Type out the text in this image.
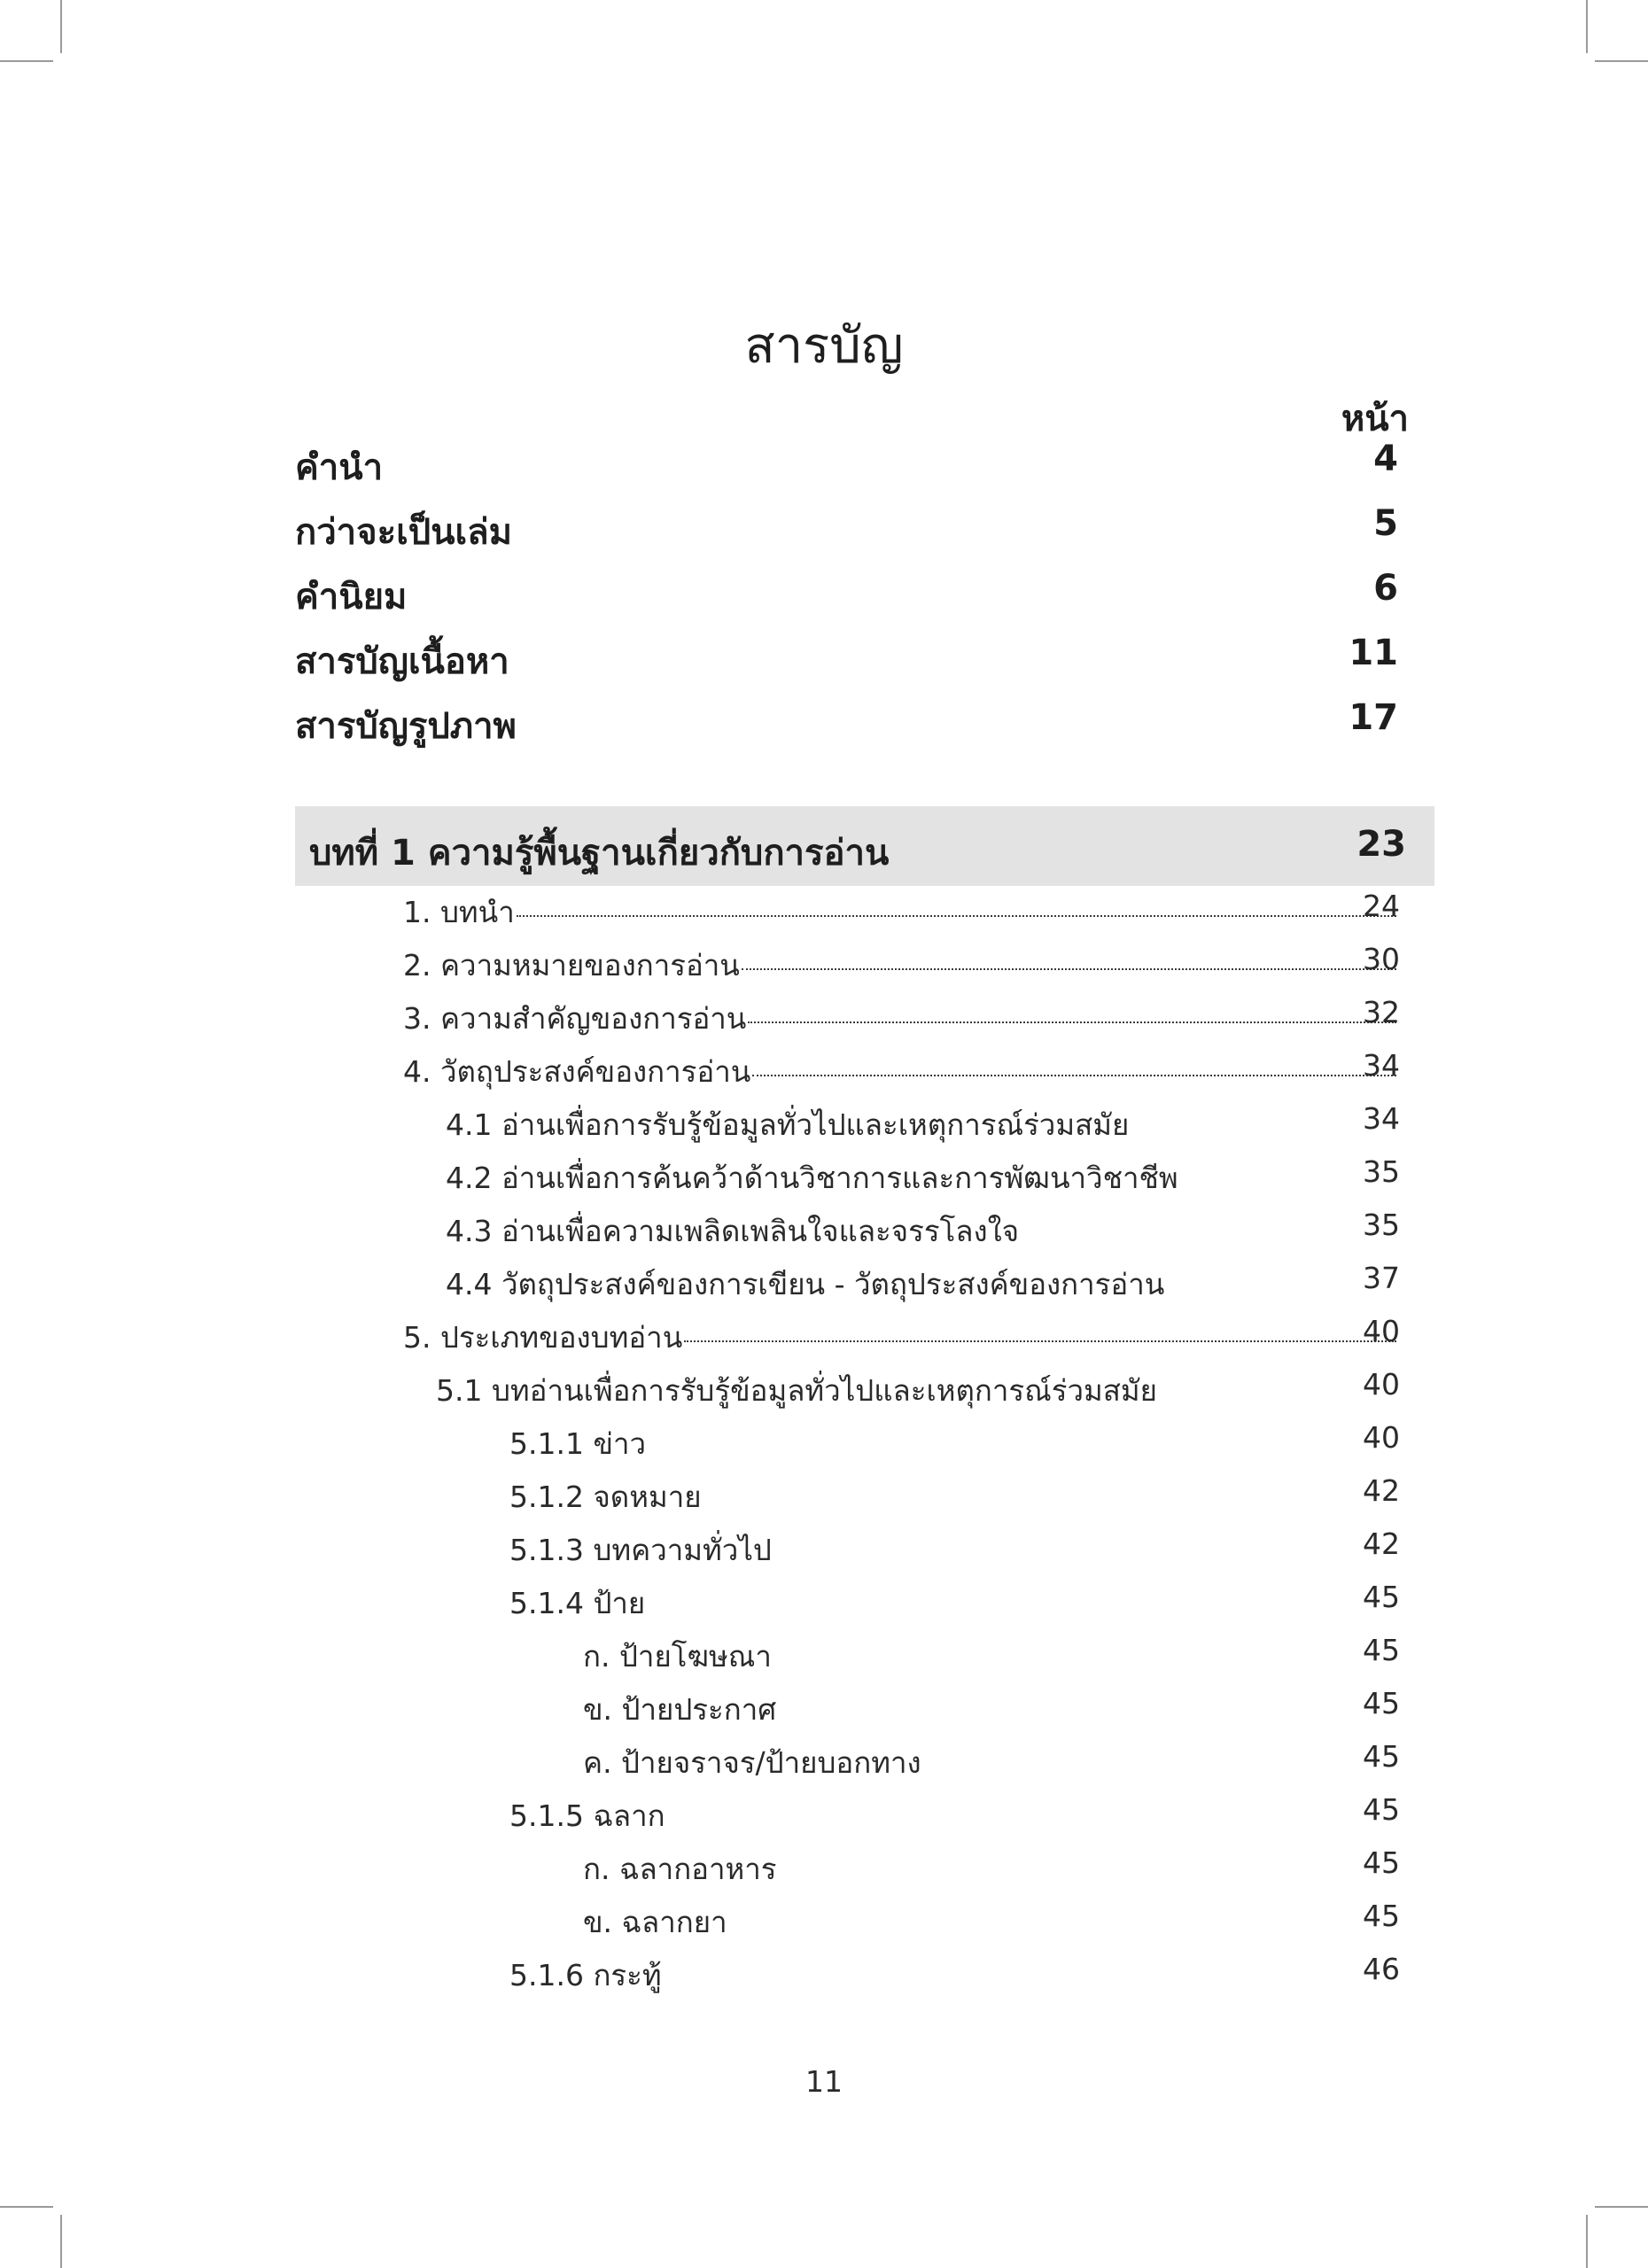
สารบัญ
หน้า
คำนำ	4
กว่าจะเป็นเล่ม	5
คำนิยม	6
สารบัญเนื้อหา	11
สารบัญรูปภาพ	17
บทที่ 1 ความรู้พื้นฐานเกี่ยวกับการอ่าน	23
1. บทนำ	24
2. ความหมายของการอ่าน	30
3. ความสำคัญของการอ่าน	32
4. วัตถุประสงค์ของการอ่าน	34
4.1 อ่านเพื่อการรับรู้ข้อมูลทั่วไปและเหตุการณ์ร่วมสมัย	34
4.2 อ่านเพื่อการค้นคว้าด้านวิชาการและการพัฒนาวิชาชีพ	35
4.3 อ่านเพื่อความเพลิดเพลินใจและจรรโลงใจ	35
4.4 วัตถุประสงค์ของการเขียน - วัตถุประสงค์ของการอ่าน	37
5. ประเภทของบทอ่าน	40
5.1 บทอ่านเพื่อการรับรู้ข้อมูลทั่วไปและเหตุการณ์ร่วมสมัย	40
5.1.1 ข่าว	40
5.1.2 จดหมาย	42
5.1.3 บทความทั่วไป	42
5.1.4 ป้าย	45
ก. ป้ายโฆษณา	45
ข. ป้ายประกาศ	45
ค. ป้ายจราจร/ป้ายบอกทาง	45
5.1.5 ฉลาก	45
ก. ฉลากอาหาร	45
ข. ฉลากยา	45
5.1.6 กระทู้	46
11
